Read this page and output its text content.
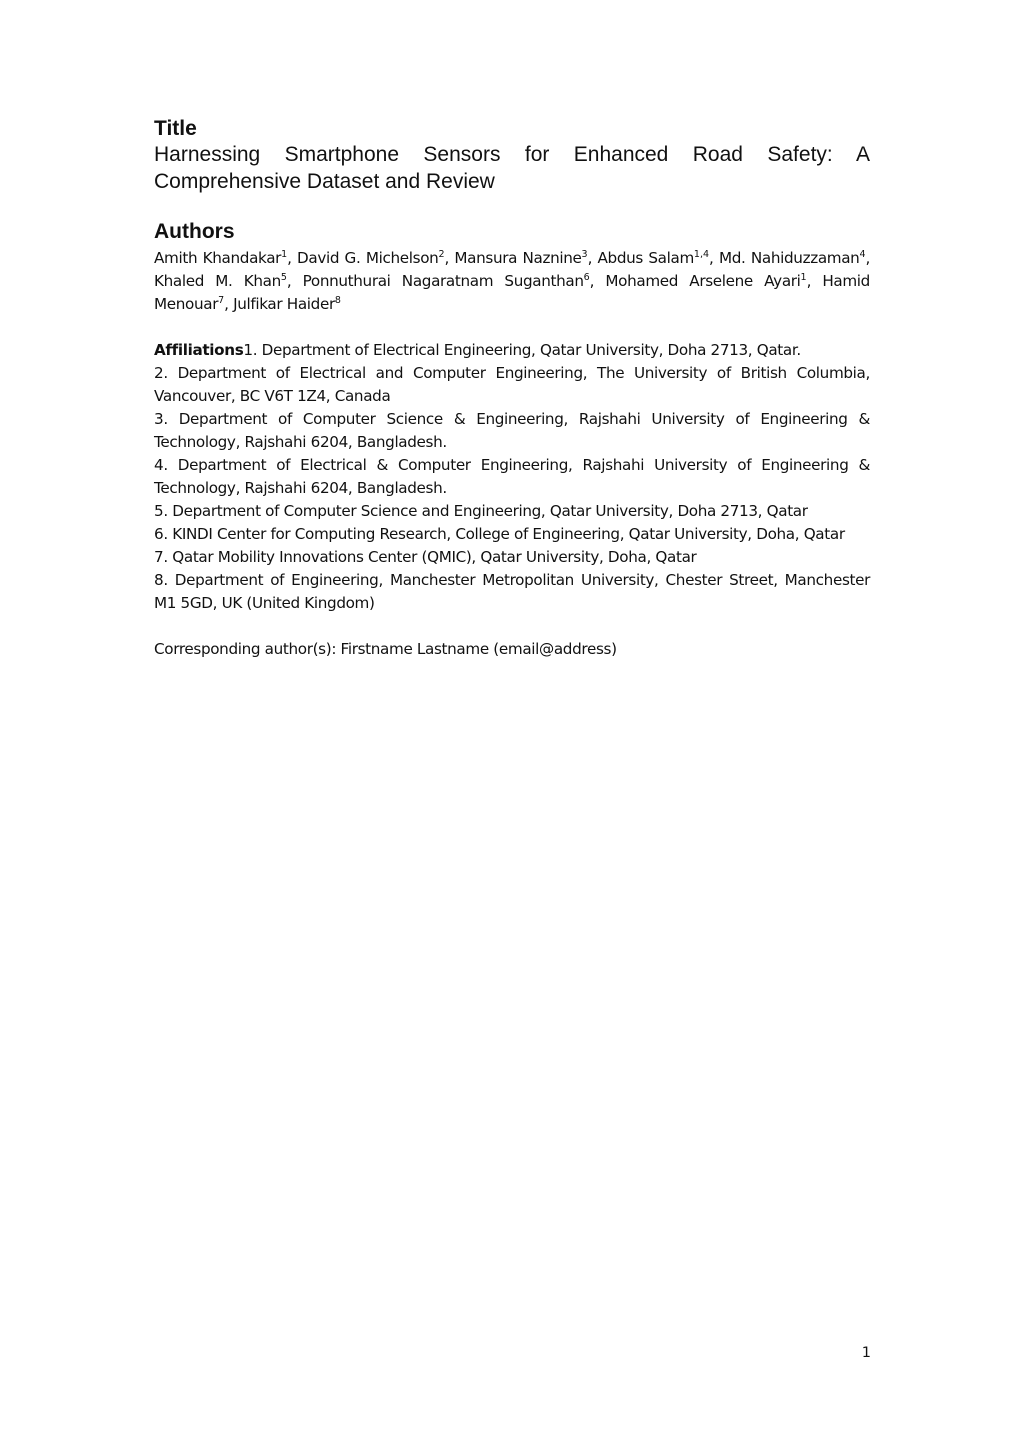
Title

Harnessing Smartphone Sensors for Enhanced Road Safety: A Comprehensive Dataset and Review

Authors

Amith Khandakar$^1$, David G. Michelson$^2$, Mansura Naznine$^3$, Abdus Salam$^{1,4}$, Md. Nahiduzzaman$^4$, Khaled M. Khan$^5$, Ponnuthurai Nagaratnam Suganthan$^6$, Mohamed Arselene Ayari$^1$, Hamid Menouar$^7$, Julfikar Haider$^8$

Affiliations1. Department of Electrical Engineering, Qatar University, Doha 2713, Qatar.

2. Department of Electrical and Computer Engineering, The University of British Columbia, Vancouver, BC V6T 1Z4, Canada

3. Department of Computer Science & Engineering, Rajshahi University of Engineering & Technology, Rajshahi 6204, Bangladesh.

4. Department of Electrical & Computer Engineering, Rajshahi University of Engineering & Technology, Rajshahi 6204, Bangladesh.

5. Department of Computer Science and Engineering, Qatar University, Doha 2713, Qatar

6. KINDI Center for Computing Research, College of Engineering, Qatar University, Doha, Qatar

7. Qatar Mobility Innovations Center (QMIC), Qatar University, Doha, Qatar

8. Department of Engineering, Manchester Metropolitan University, Chester Street, Manchester M1 5GD, UK (United Kingdom)

Corresponding author(s): Firstname Lastname (email@address)

1
